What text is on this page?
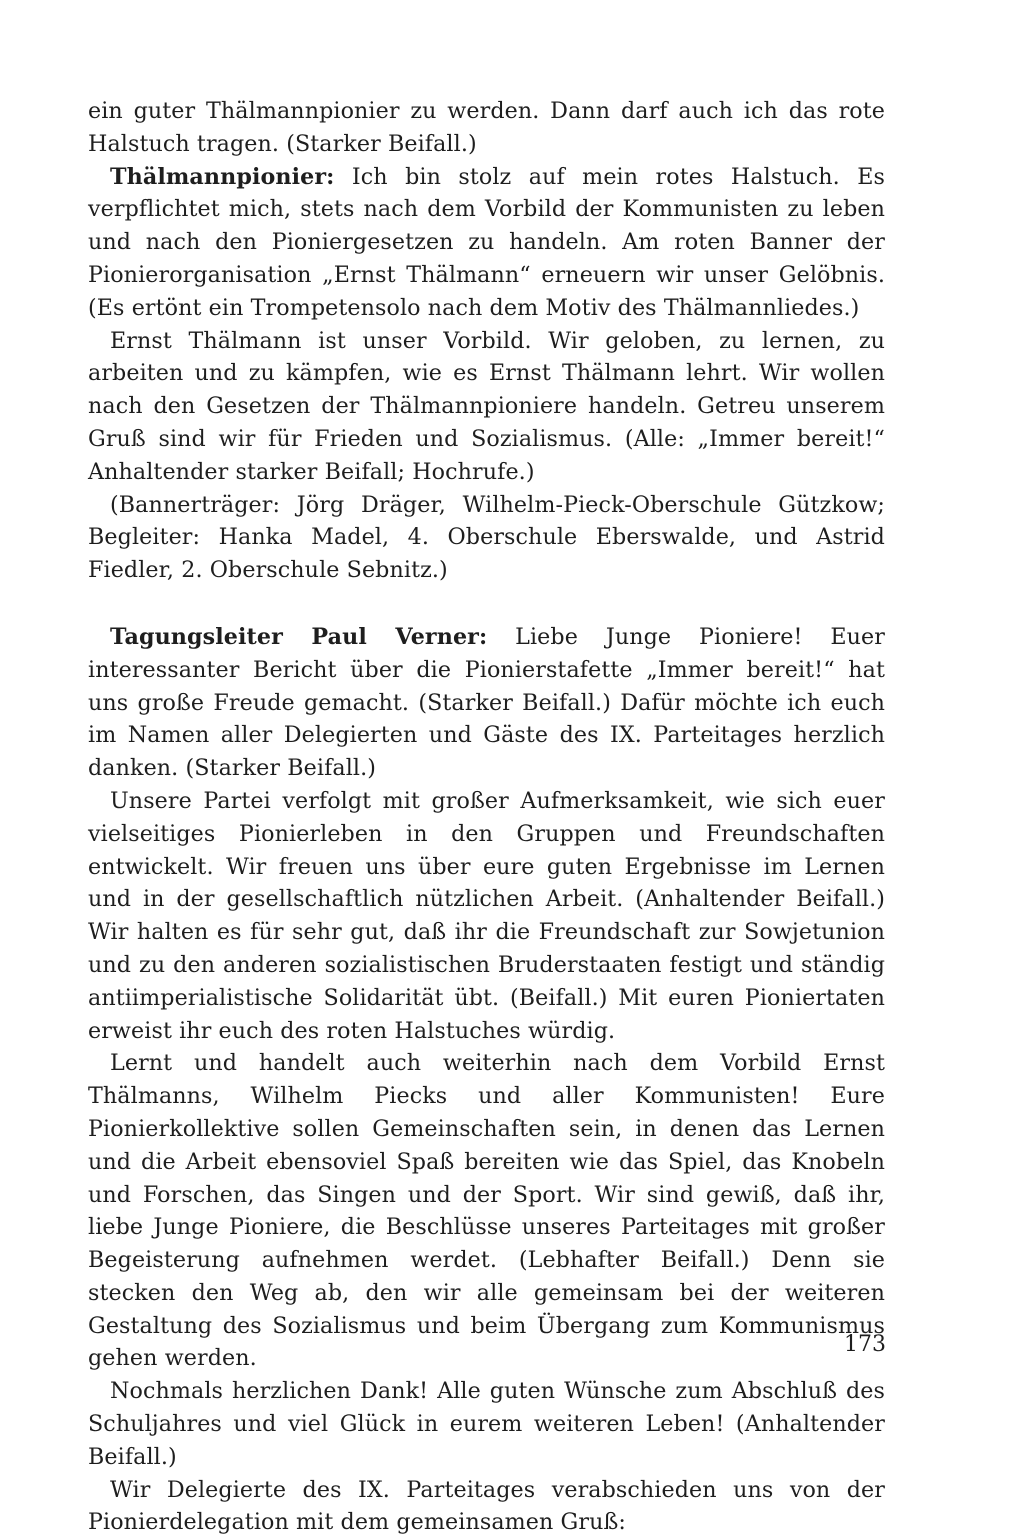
ein guter Thälmannpionier zu werden. Dann darf auch ich das rote Halstuch tragen. (Starker Beifall.)

Thälmannpionier: Ich bin stolz auf mein rotes Halstuch. Es verpflichtet mich, stets nach dem Vorbild der Kommunisten zu leben und nach den Pioniergesetzen zu handeln. Am roten Banner der Pionierorganisation „Ernst Thälmann“ erneuern wir unser Gelöbnis. (Es ertönt ein Trompetensolo nach dem Motiv des Thälmannliedes.)

Ernst Thälmann ist unser Vorbild. Wir geloben, zu lernen, zu arbeiten und zu kämpfen, wie es Ernst Thälmann lehrt. Wir wollen nach den Gesetzen der Thälmannpioniere handeln. Getreu unserem Gruß sind wir für Frieden und Sozialismus. (Alle: „Immer bereit!“ Anhaltender starker Beifall; Hochrufe.)

(Bannerträger: Jörg Dräger, Wilhelm-Pieck-Oberschule Gützkow; Begleiter: Hanka Madel, 4. Oberschule Eberswalde, und Astrid Fiedler, 2. Oberschule Sebnitz.)

Tagungsleiter Paul Verner: Liebe Junge Pioniere! Euer interessanter Bericht über die Pionierstafette „Immer bereit!“ hat uns große Freude gemacht. (Starker Beifall.) Dafür möchte ich euch im Namen aller Delegierten und Gäste des IX. Parteitages herzlich danken. (Starker Beifall.)

Unsere Partei verfolgt mit großer Aufmerksamkeit, wie sich euer vielseitiges Pionierleben in den Gruppen und Freundschaften entwickelt. Wir freuen uns über eure guten Ergebnisse im Lernen und in der gesellschaftlich nützlichen Arbeit. (Anhaltender Beifall.) Wir halten es für sehr gut, daß ihr die Freundschaft zur Sowjetunion und zu den anderen sozialistischen Bruderstaaten festigt und ständig antiimperialistische Solidarität übt. (Beifall.) Mit euren Pioniertaten erweist ihr euch des roten Halstuches würdig.

Lernt und handelt auch weiterhin nach dem Vorbild Ernst Thälmanns, Wilhelm Piecks und aller Kommunisten! Eure Pionierkollektive sollen Gemeinschaften sein, in denen das Lernen und die Arbeit ebensoviel Spaß bereiten wie das Spiel, das Knobeln und Forschen, das Singen und der Sport. Wir sind gewiß, daß ihr, liebe Junge Pioniere, die Beschlüsse unseres Parteitages mit großer Begeisterung aufnehmen werdet. (Lebhafter Beifall.) Denn sie stecken den Weg ab, den wir alle gemeinsam bei der weiteren Gestaltung des Sozialismus und beim Übergang zum Kommunismus gehen werden.

Nochmals herzlichen Dank! Alle guten Wünsche zum Abschluß des Schuljahres und viel Glück in eurem weiteren Leben! (Anhaltender Beifall.)

Wir Delegierte des IX. Parteitages verabschieden uns von der Pionierdelegation mit dem gemeinsamen Gruß:

173
